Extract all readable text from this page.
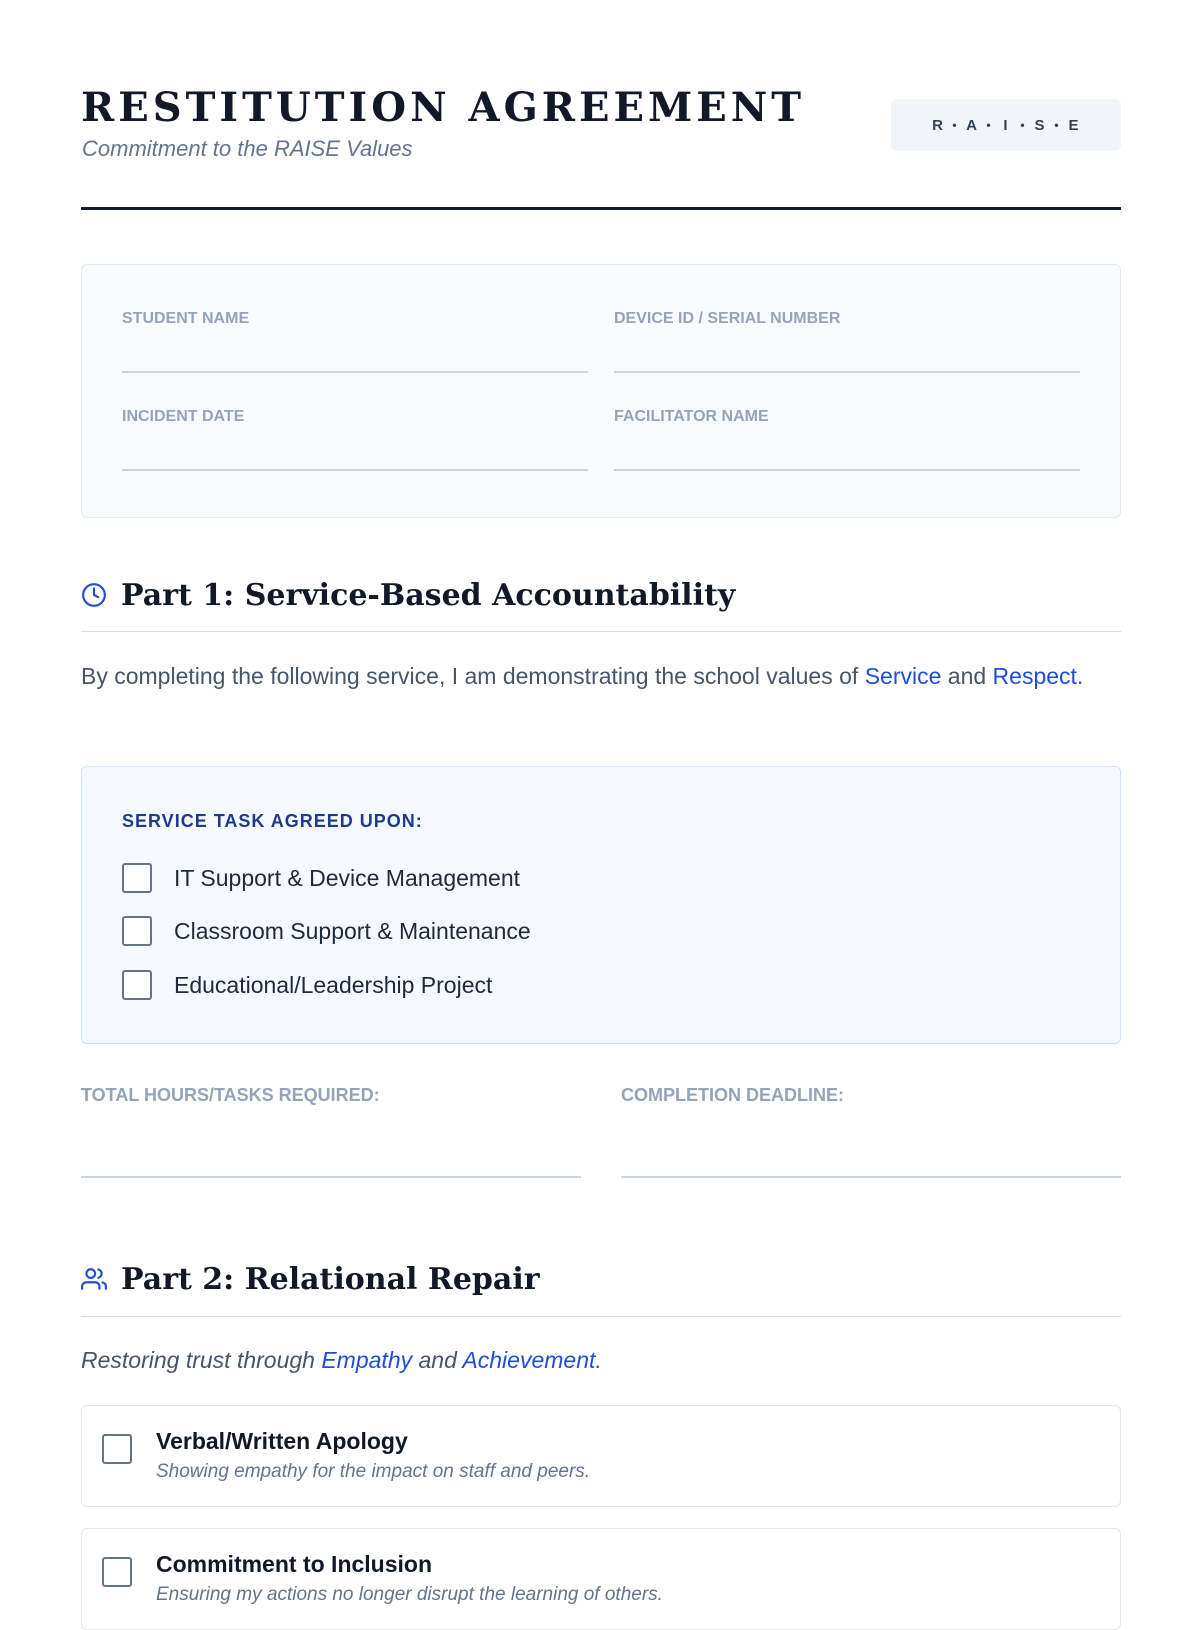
RESTITUTION AGREEMENT
Commitment to the RAISE Values
R • A • I • S • E
STUDENT NAME	DEVICE ID / SERIAL NUMBER
INCIDENT DATE	FACILITATOR NAME
Part 1: Service-Based Accountability
By completing the following service, I am demonstrating the school values of Service and Respect.
SERVICE TASK AGREED UPON:
IT Support & Device Management
Classroom Support & Maintenance
Educational/Leadership Project
TOTAL HOURS/TASKS REQUIRED:	COMPLETION DEADLINE:
Part 2: Relational Repair
Restoring trust through Empathy and Achievement.
Verbal/Written Apology
Showing empathy for the impact on staff and peers.
Commitment to Inclusion
Ensuring my actions no longer disrupt the learning of others.
